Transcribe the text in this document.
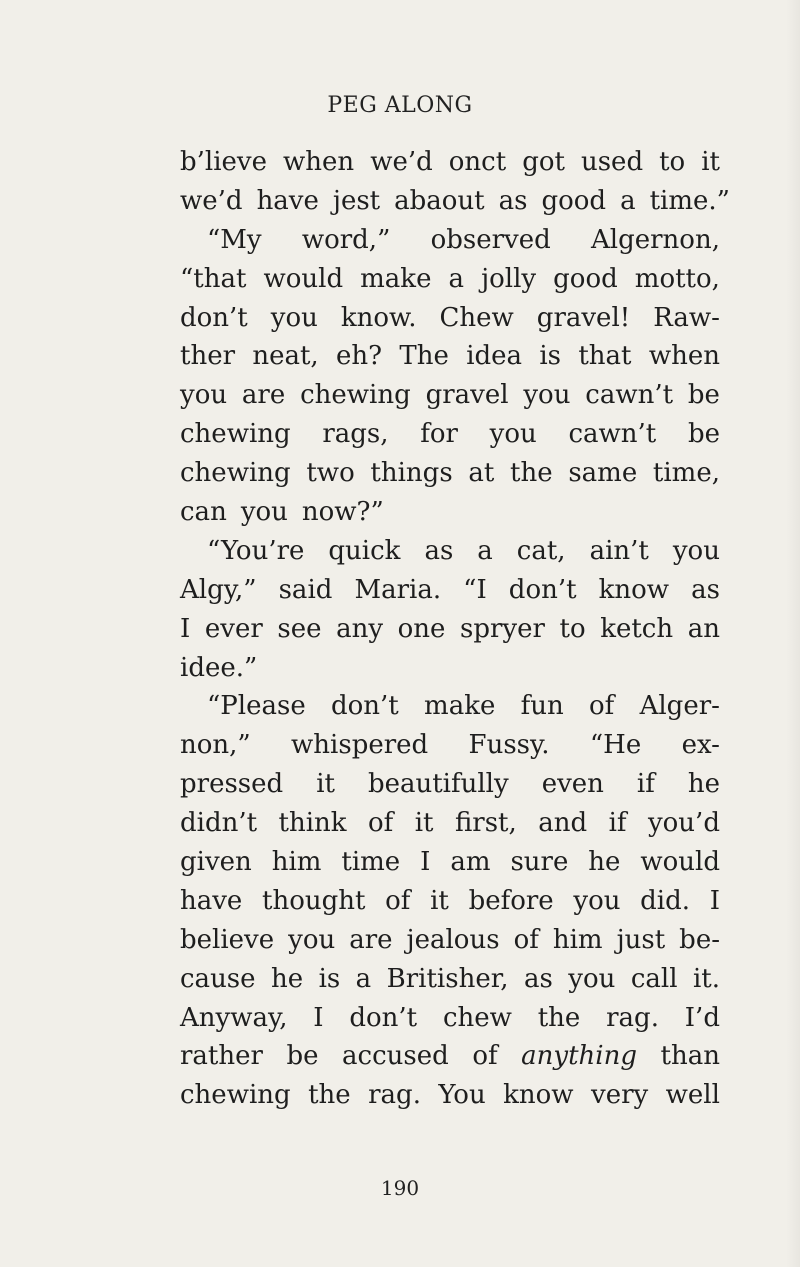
PEG ALONG
b’lieve when we’d onct got used to it
we’d have jest abaout as good a time.”
“My word,” observed Algernon,
“that would make a jolly good motto,
don’t you know. Chew gravel! Raw-
ther neat, eh? The idea is that when
you are chewing gravel you cawn’t be
chewing rags, for you cawn’t be
chewing two things at the same time,
can you now?”
“You’re quick as a cat, ain’t you
Algy,” said Maria. “I don’t know as
I ever see any one spryer to ketch an
idee.”
“Please don’t make fun of Alger-
non,” whispered Fussy. “He ex-
pressed it beautifully even if he
didn’t think of it first, and if you’d
given him time I am sure he would
have thought of it before you did. I
believe you are jealous of him just be-
cause he is a Britisher, as you call it.
Anyway, I don’t chew the rag. I’d
rather be accused of anything than
chewing the rag. You know very well
190
